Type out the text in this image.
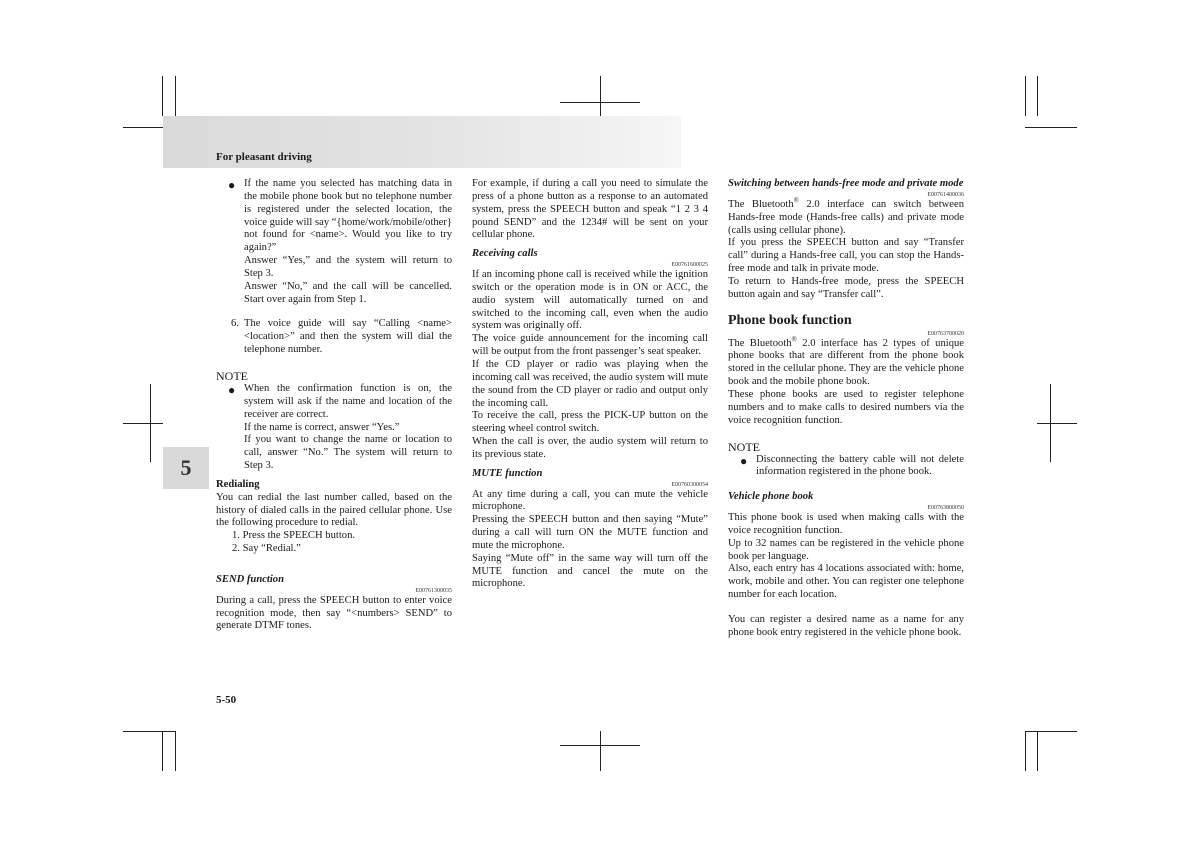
For pleasant driving
5
● If the name you selected has matching data in the mobile phone book but no telephone number is registered under the selected location, the voice guide will say “{home/work/mobile/other} not found for <name>. Would you like to try again?”

Answer “Yes,” and the system will return to Step 3.

Answer “No,” and the call will be cancelled. Start over again from Step 1.

6. The voice guide will say “Calling <name> <location>” and then the system will dial the telephone number.

NOTE

● When the confirmation function is on, the system will ask if the name and location of the receiver are correct.

If the name is correct, answer “Yes.”

If you want to change the name or location to call, answer “No.” The system will return to Step 3.

Redialing

You can redial the last number called, based on the history of dialed calls in the paired cellular phone. Use the following procedure to redial.

1. Press the SPEECH button.

2. Say “Redial.”

SEND function

E00761300035

During a call, press the SPEECH button to enter voice recognition mode, then say “<numbers> SEND” to generate DTMF tones.

For example, if during a call you need to simulate the press of a phone button as a response to an automated system, press the SPEECH button and speak “1 2 3 4 pound SEND” and the 1234# will be sent on your cellular phone.

Receiving calls

E00761600025

If an incoming phone call is received while the ignition switch or the operation mode is in ON or ACC, the audio system will automatically turned on and switched to the incoming call, even when the audio system was originally off.

The voice guide announcement for the incoming call will be output from the front passenger’s seat speaker.

If the CD player or radio was playing when the incoming call was received, the audio system will mute the sound from the CD player or radio and output only the incoming call.

To receive the call, press the PICK-UP button on the steering wheel control switch.

When the call is over, the audio system will return to its previous state.

MUTE function

E00760300054

At any time during a call, you can mute the vehicle microphone.

Pressing the SPEECH button and then saying “Mute” during a call will turn ON the MUTE function and mute the microphone.

Saying “Mute off” in the same way will turn off the MUTE function and cancel the mute on the microphone.

Switching between hands-free mode and private mode

E00761400036

The Bluetooth® 2.0 interface can switch between Hands-free mode (Hands-free calls) and private mode (calls using cellular phone).

If you press the SPEECH button and say “Transfer call” during a Hands-free call, you can stop the Hands-free mode and talk in private mode.

To return to Hands-free mode, press the SPEECH button again and say “Transfer call”.

Phone book function

E00763700020

The Bluetooth® 2.0 interface has 2 types of unique phone books that are different from the phone book stored in the cellular phone. They are the vehicle phone book and the mobile phone book.

These phone books are used to register telephone numbers and to make calls to desired numbers via the voice recognition function.

NOTE

● Disconnecting the battery cable will not delete information registered in the phone book.

Vehicle phone book

E00763800050

This phone book is used when making calls with the voice recognition function.

Up to 32 names can be registered in the vehicle phone book per language.

Also, each entry has 4 locations associated with: home, work, mobile and other. You can register one telephone number for each location.

You can register a desired name as a name for any phone book entry registered in the vehicle phone book.

5-50
